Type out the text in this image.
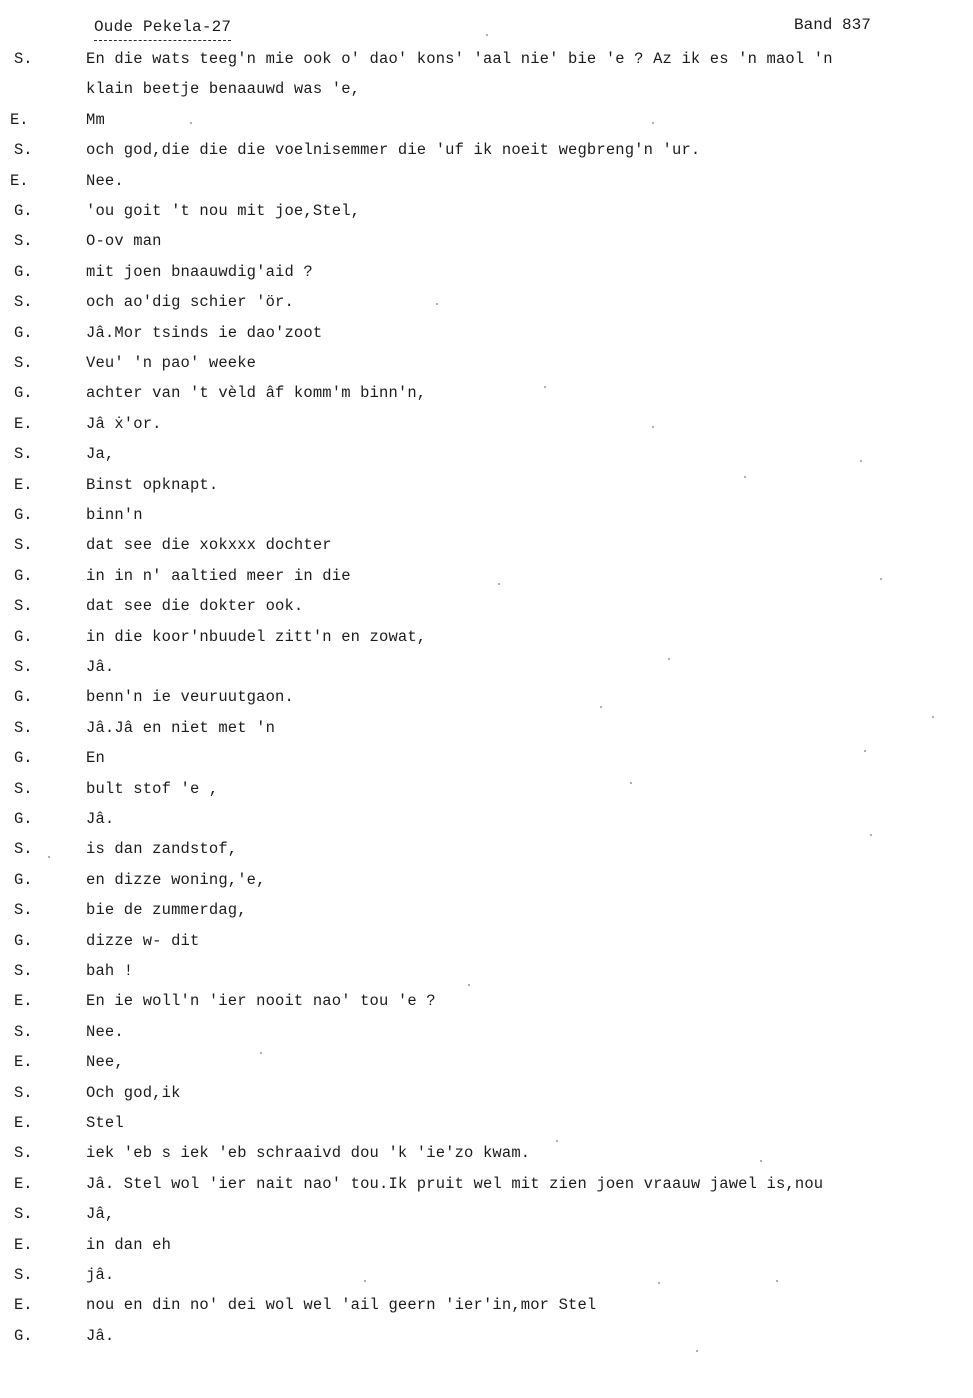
Oude Pekela-27	Band 837
S.	En die wats teeg'n mie ook o' dao' kons' 'aal nie' bie 'e ? Az ik es 'n maol 'n
klain beetje benaauwd was 'e,
E.	Mm
S.	och god,die die die voelnisemmer die 'uf ik noeit wegbreng'n 'ur.
E.	Nee.
G.	'ou goit 't nou mit joe,Stel,
S.	O-ov man
G.	mit joen bnaauwdig'aid ?
S.	och ao'dig schier 'ör.
G.	Jâ.Mor tsinds ie dao'zoot
S.	Veu' 'n pao' weeke
G.	achter van 't vèld âf komm'm binn'n,
E.	Jâ ẋ'or.
S.	Ja,
E.	Binst opknapt.
G.	binn'n
S.	dat see die xokxxx dochter
G.	in in n' aaltied meer in die
S.	dat see die dokter ook.
G.	in die koor'nbuudel zitt'n en zowat,
S.	Jâ.
G.	benn'n ie veuruutgaon.
S.	Jâ.Jâ en niet met 'n
G.	En
S.	bult stof 'e ,
G.	Jâ.
S.	is dan zandstof,
G.	en dizze woning,'e,
S.	bie de zummerdag,
G.	dizze w- dit
S.	bah !
E.	En ie woll'n 'ier nooit nao' tou 'e ?
S.	Nee.
E.	Nee,
S.	Och god,ik
E.	Stel
S.	iek 'eb s iek 'eb schraaivd dou 'k 'ie'zo kwam.
E.	Jâ. Stel wol 'ier nait nao' tou.Ik pruit wel mit zien joen vraauw jawel is,nou
S.	Jâ,
E.	in dan eh
S.	jâ.
E.	nou en din no' dei wol wel 'ail geern 'ier'in,mor Stel
G.	Jâ.
